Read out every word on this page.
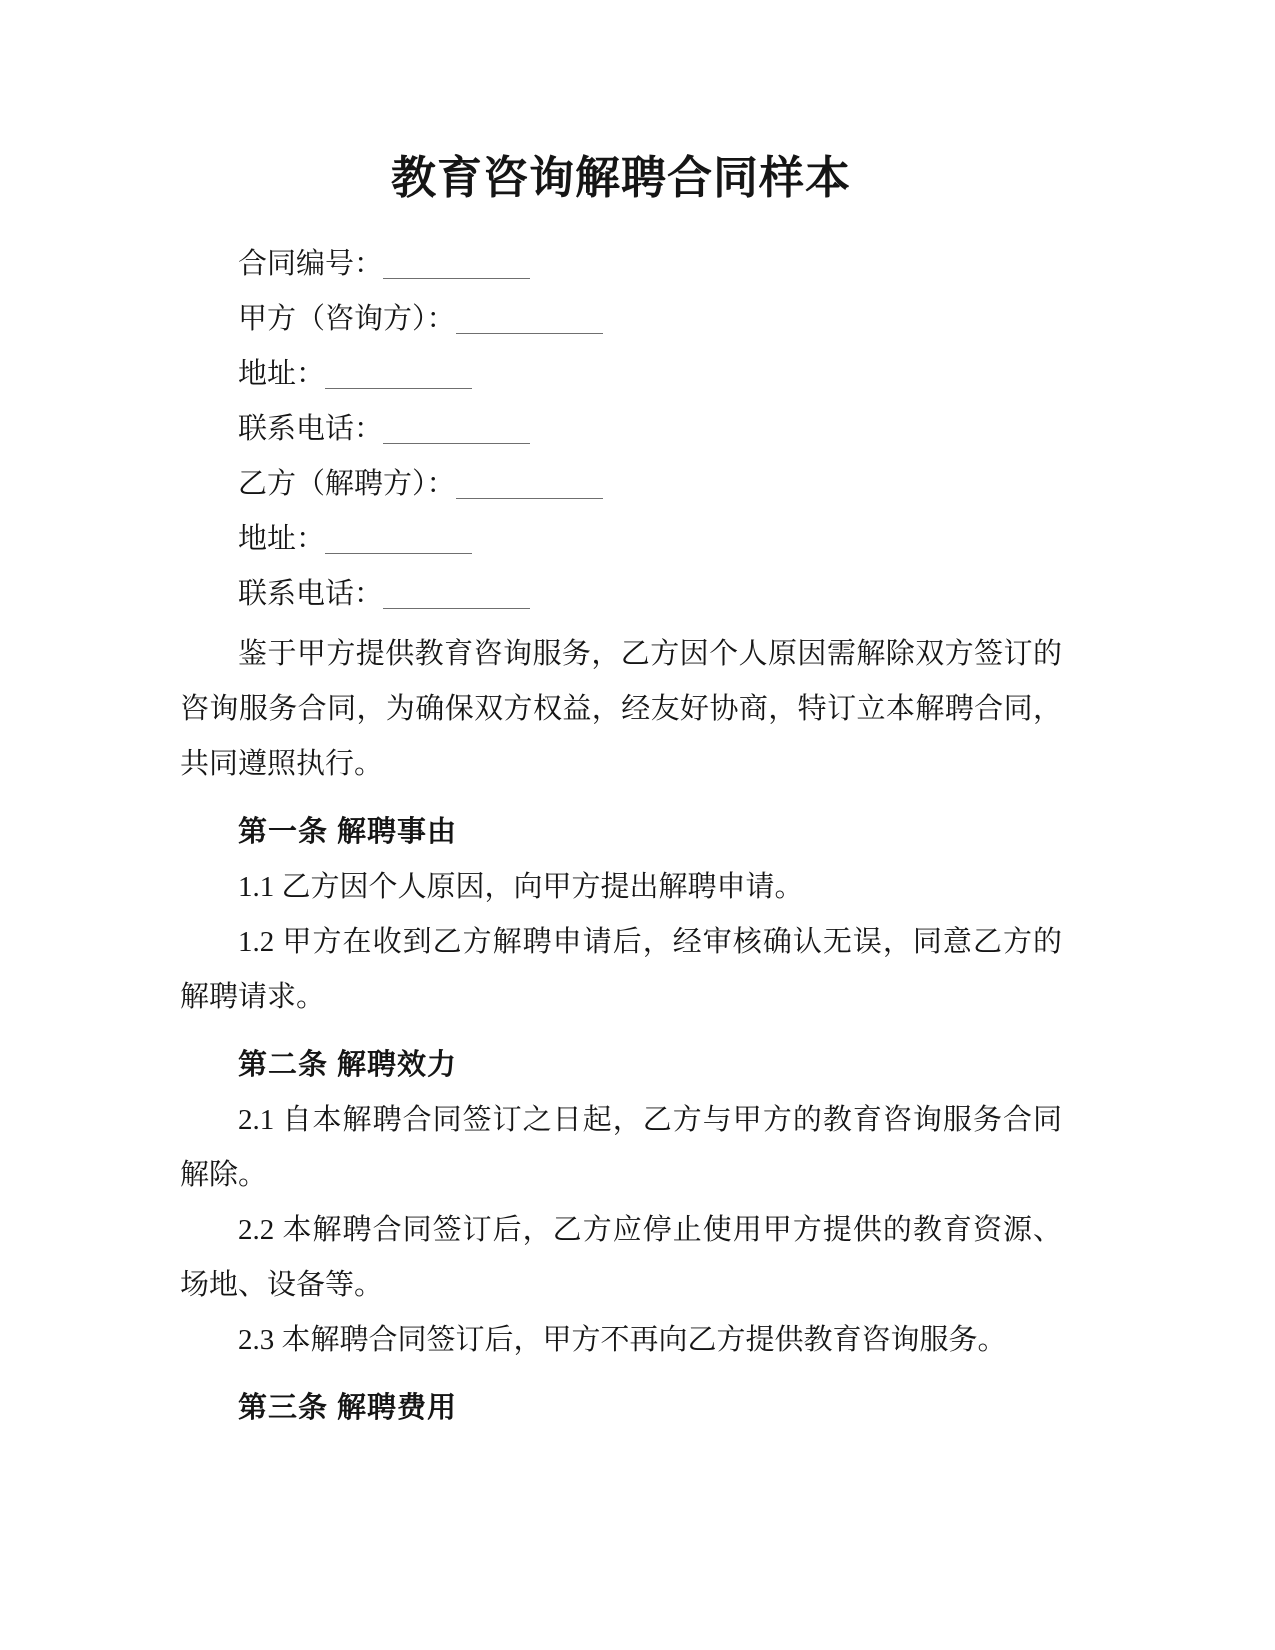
教育咨询解聘合同样本
合同编号：
甲方（咨询方）：
地址：
联系电话：
乙方（解聘方）：
地址：
联系电话：
鉴于甲方提供教育咨询服务，乙方因个人原因需解除双方签订的
咨询服务合同，为确保双方权益，经友好协商，特订立本解聘合同，
共同遵照执行。
第一条 解聘事由
1.1 乙方因个人原因，向甲方提出解聘申请。
1.2 甲方在收到乙方解聘申请后，经审核确认无误，同意乙方的
解聘请求。
第二条 解聘效力
2.1 自本解聘合同签订之日起，乙方与甲方的教育咨询服务合同
解除。
2.2 本解聘合同签订后，乙方应停止使用甲方提供的教育资源、
场地、设备等。
2.3 本解聘合同签订后，甲方不再向乙方提供教育咨询服务。
第三条 解聘费用
